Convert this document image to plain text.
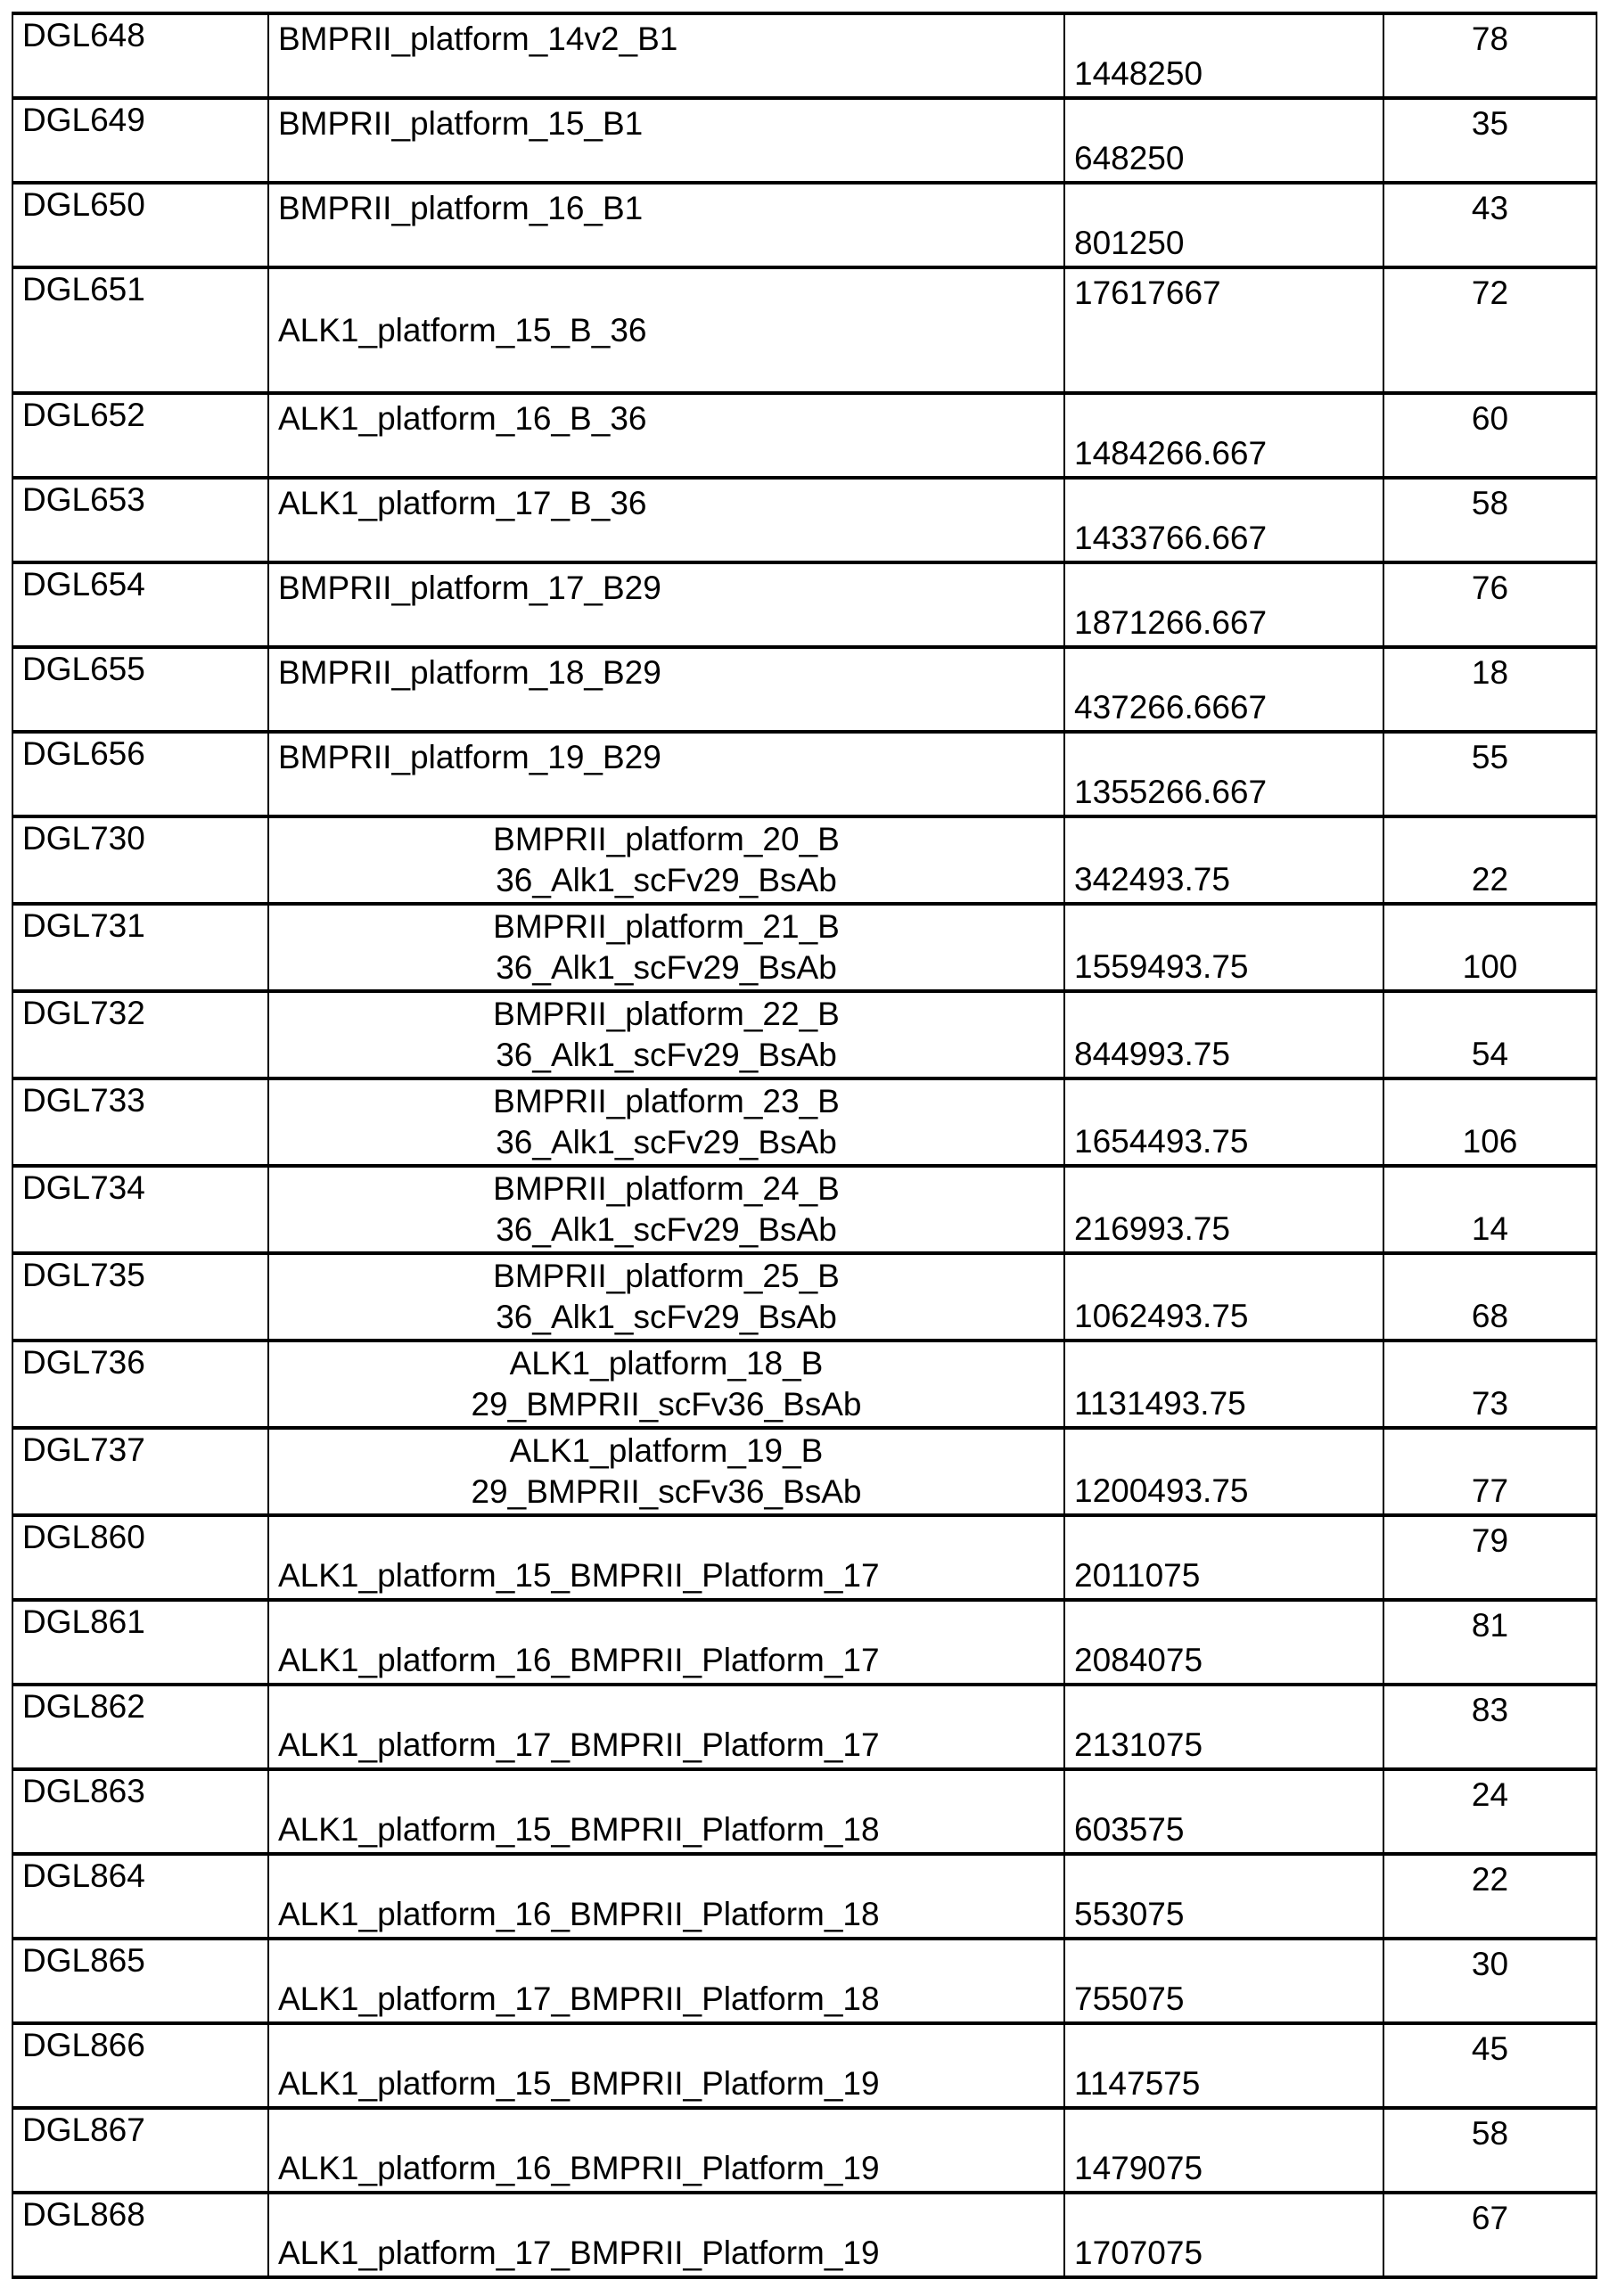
DGL648	BMPRII_platform_14v2_B1	1448250	78
DGL649	BMPRII_platform_15_B1	648250	35
DGL650	BMPRII_platform_16_B1	801250	43
DGL651	ALK1_platform_15_B_36	17617667	72
DGL652	ALK1_platform_16_B_36	1484266.667	60
DGL653	ALK1_platform_17_B_36	1433766.667	58
DGL654	BMPRII_platform_17_B29	1871266.667	76
DGL655	BMPRII_platform_18_B29	437266.6667	18
DGL656	BMPRII_platform_19_B29	1355266.667	55
DGL730	BMPRII_platform_20_B
36_Alk1_scFv29_BsAb	342493.75	22
DGL731	BMPRII_platform_21_B
36_Alk1_scFv29_BsAb	1559493.75	100
DGL732	BMPRII_platform_22_B
36_Alk1_scFv29_BsAb	844993.75	54
DGL733	BMPRII_platform_23_B
36_Alk1_scFv29_BsAb	1654493.75	106
DGL734	BMPRII_platform_24_B
36_Alk1_scFv29_BsAb	216993.75	14
DGL735	BMPRII_platform_25_B
36_Alk1_scFv29_BsAb	1062493.75	68
DGL736	ALK1_platform_18_B
29_BMPRII_scFv36_BsAb	1131493.75	73
DGL737	ALK1_platform_19_B
29_BMPRII_scFv36_BsAb	1200493.75	77
DGL860	ALK1_platform_15_BMPRII_Platform_17	2011075	79
DGL861	ALK1_platform_16_BMPRII_Platform_17	2084075	81
DGL862	ALK1_platform_17_BMPRII_Platform_17	2131075	83
DGL863	ALK1_platform_15_BMPRII_Platform_18	603575	24
DGL864	ALK1_platform_16_BMPRII_Platform_18	553075	22
DGL865	ALK1_platform_17_BMPRII_Platform_18	755075	30
DGL866	ALK1_platform_15_BMPRII_Platform_19	1147575	45
DGL867	ALK1_platform_16_BMPRII_Platform_19	1479075	58
DGL868	ALK1_platform_17_BMPRII_Platform_19	1707075	67
